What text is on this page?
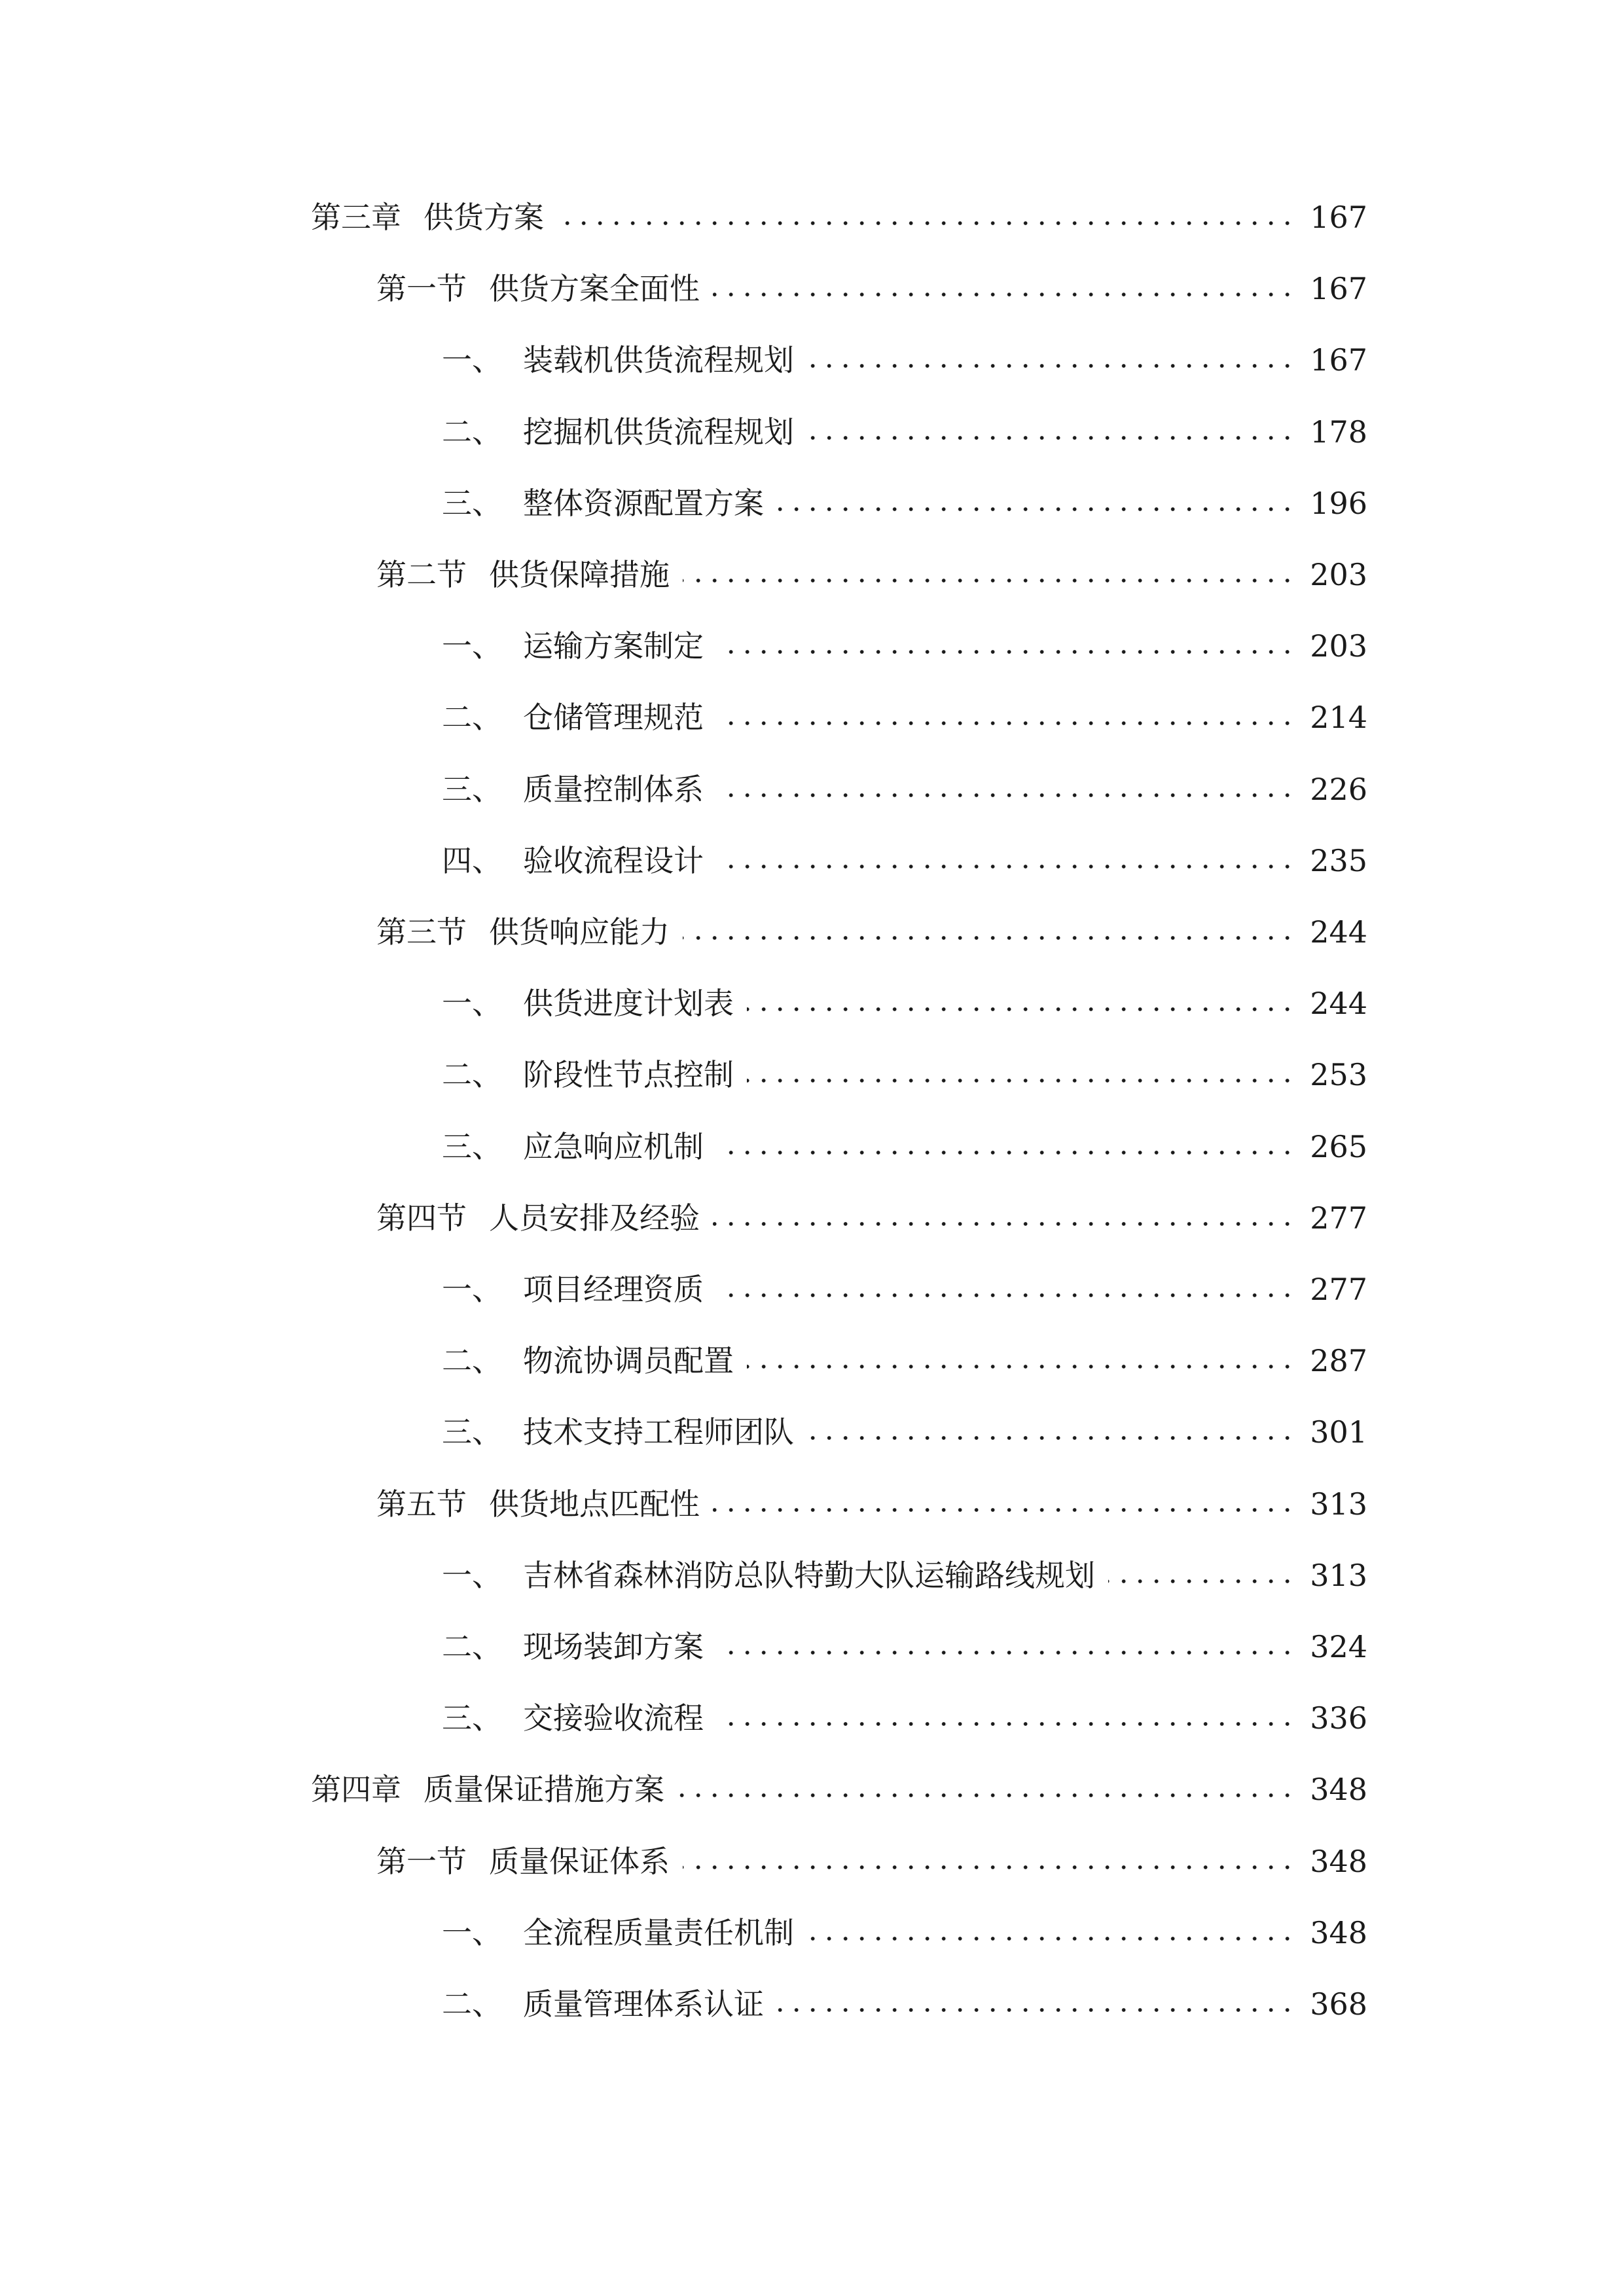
第三章 供货方案	167
第一节 供货方案全面性	167
一、 装载机供货流程规划	167
二、 挖掘机供货流程规划	178
三、 整体资源配置方案	196
第二节 供货保障措施	203
一、 运输方案制定	203
二、 仓储管理规范	214
三、 质量控制体系	226
四、 验收流程设计	235
第三节 供货响应能力	244
一、 供货进度计划表	244
二、 阶段性节点控制	253
三、 应急响应机制	265
第四节 人员安排及经验	277
一、 项目经理资质	277
二、 物流协调员配置	287
三、 技术支持工程师团队	301
第五节 供货地点匹配性	313
一、 吉林省森林消防总队特勤大队运输路线规划	313
二、 现场装卸方案	324
三、 交接验收流程	336
第四章 质量保证措施方案	348
第一节 质量保证体系	348
一、 全流程质量责任机制	348
二、 质量管理体系认证	368
